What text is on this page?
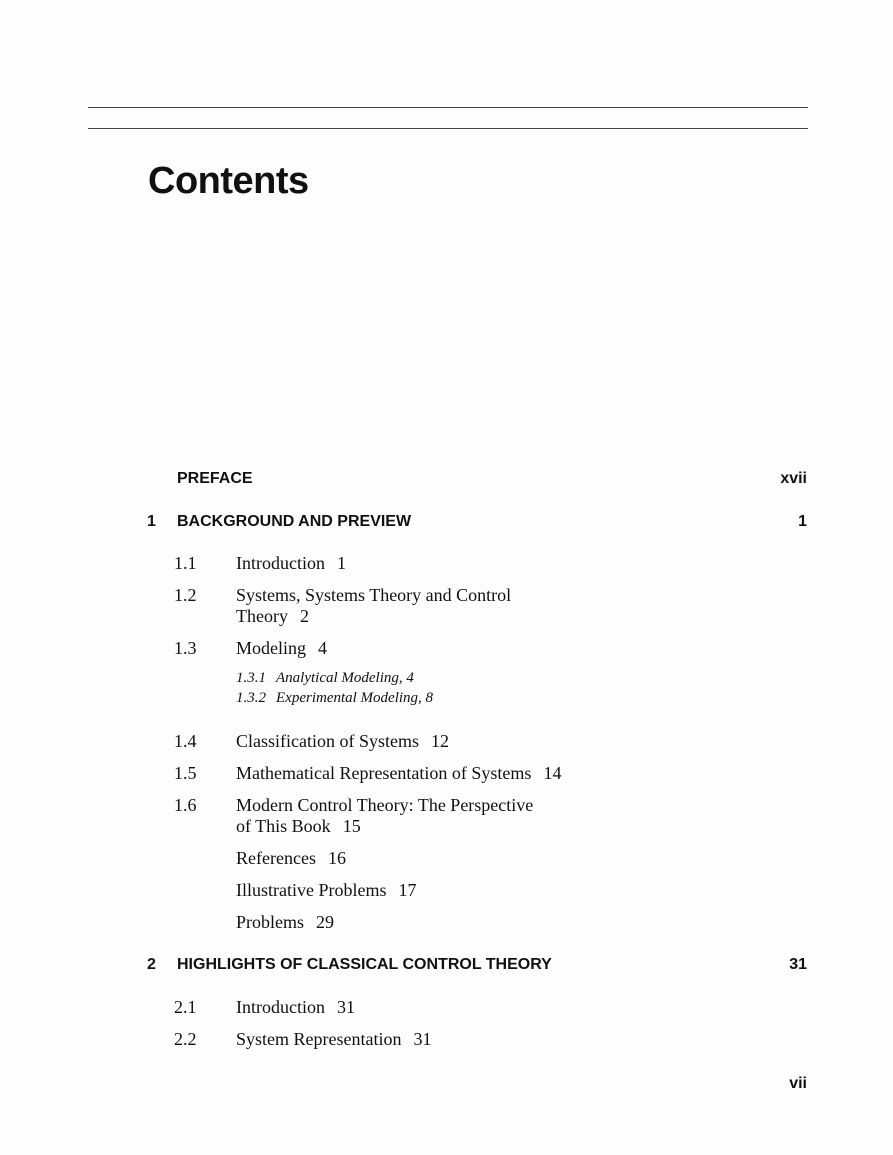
Contents
PREFACE	xvii
1 BACKGROUND AND PREVIEW	1
1.1 Introduction 1
1.2 Systems, Systems Theory and Control
Theory 2
1.3 Modeling 4
1.3.1 Analytical Modeling, 4
1.3.2 Experimental Modeling, 8
1.4 Classification of Systems 12
1.5 Mathematical Representation of Systems 14
1.6 Modern Control Theory: The Perspective
of This Book 15
References 16
Illustrative Problems 17
Problems 29
2 HIGHLIGHTS OF CLASSICAL CONTROL THEORY	31
2.1 Introduction 31
2.2 System Representation 31
vii
